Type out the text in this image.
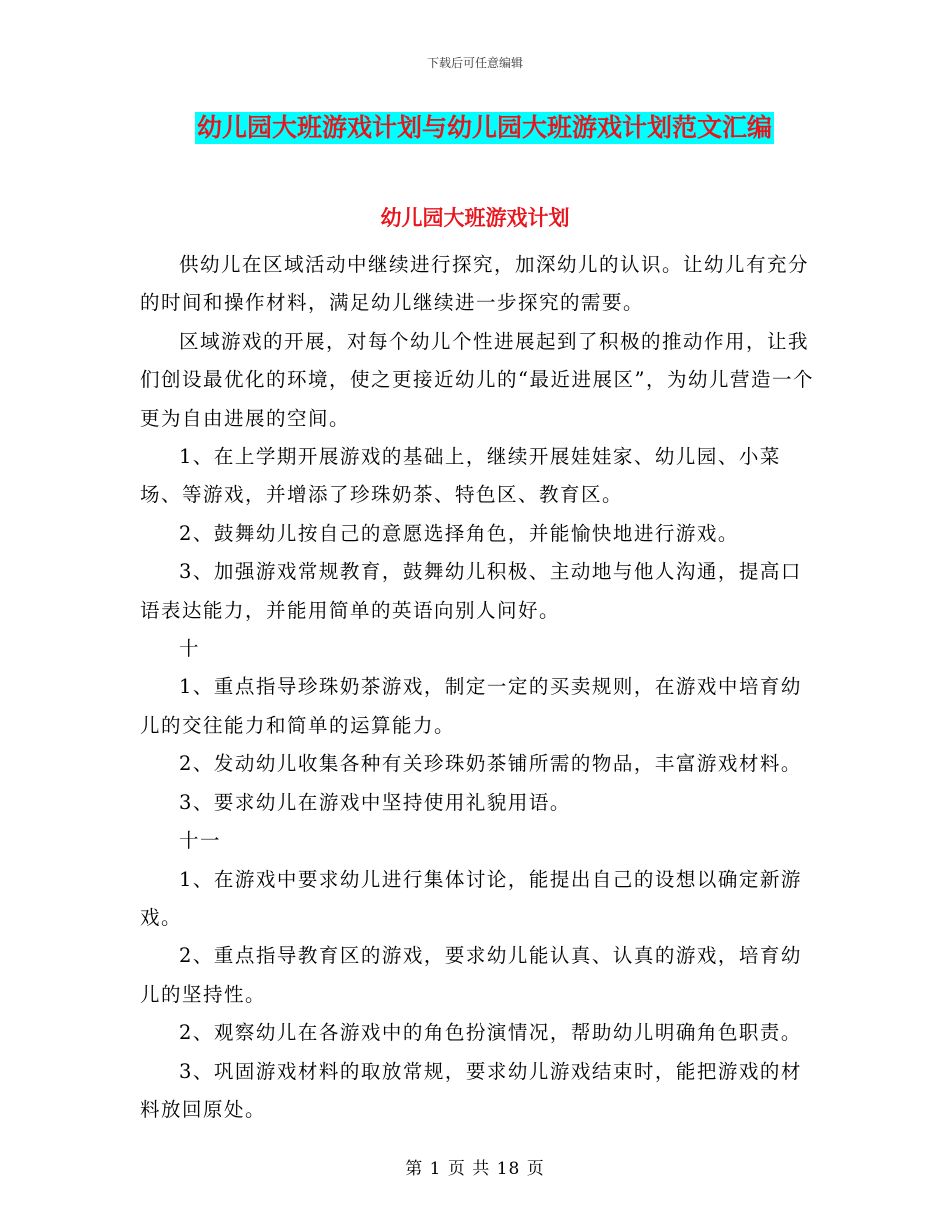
下载后可任意编辑
幼儿园大班游戏计划与幼儿园大班游戏计划范文汇编
幼儿园大班游戏计划

供幼儿在区域活动中继续进行探究，加深幼儿的认识。让幼儿有充分的时间和操作材料，满足幼儿继续进一步探究的需要。

区域游戏的开展，对每个幼儿个性进展起到了积极的推动作用，让我们创设最优化的环境，使之更接近幼儿的“最近进展区”，为幼儿营造一个更为自由进展的空间。

1、在上学期开展游戏的基础上，继续开展娃娃家、幼儿园、小菜场、等游戏，并增添了珍珠奶茶、特色区、教育区。

2、鼓舞幼儿按自己的意愿选择角色，并能愉快地进行游戏。

3、加强游戏常规教育，鼓舞幼儿积极、主动地与他人沟通，提高口语表达能力，并能用简单的英语向别人问好。

十

1、重点指导珍珠奶茶游戏，制定一定的买卖规则，在游戏中培育幼儿的交往能力和简单的运算能力。

2、发动幼儿收集各种有关珍珠奶茶铺所需的物品，丰富游戏材料。

3、要求幼儿在游戏中坚持使用礼貌用语。

十一

1、在游戏中要求幼儿进行集体讨论，能提出自己的设想以确定新游戏。

2、重点指导教育区的游戏，要求幼儿能认真、认真的游戏，培育幼儿的坚持性。

2、观察幼儿在各游戏中的角色扮演情况，帮助幼儿明确角色职责。

3、巩固游戏材料的取放常规，要求幼儿游戏结束时，能把游戏的材料放回原处。

第 1 页 共 18 页
